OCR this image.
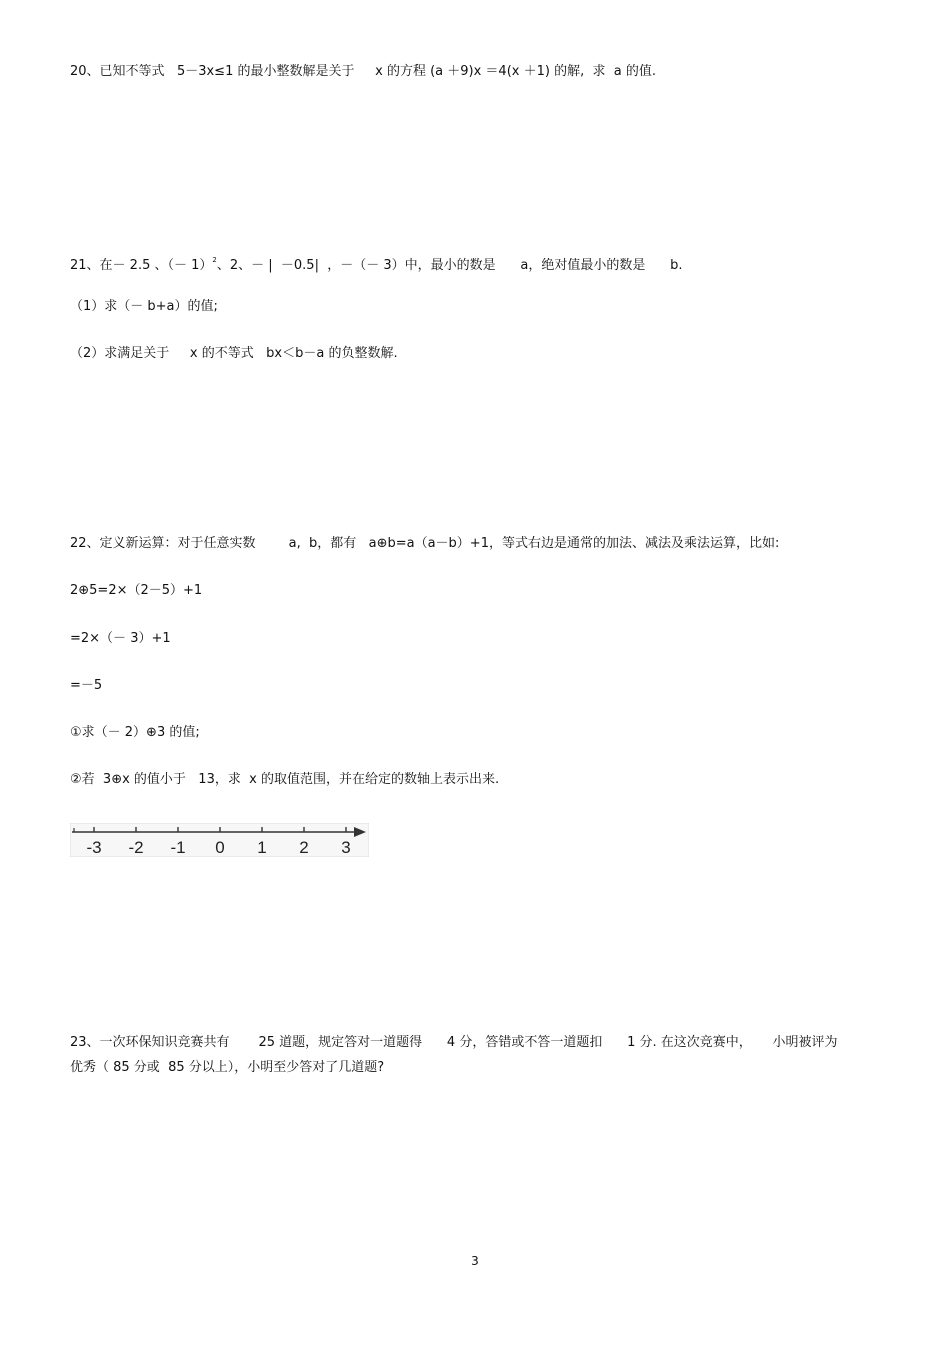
20、已知不等式   5－3x≤1 的最小整数解是关于     x 的方程 (a ＋9)x ＝4(x ＋1) 的解,  求  a 的值.
21、在－ 2.5 、（－ 1）$^2$、2、－ |  －0.5|  ，－（－ 3）中，最小的数是      a，绝对值最小的数是      b.
（1）求（－ b+a）的值;
（2）求满足关于     x 的不等式   bx＜b－a 的负整数解.
22、定义新运算：对于任意实数        a,  b，都有   a⊕b=a（a－b）+1，等式右边是通常的加法、减法及乘法运算，比如:
2⊕5=2×（2－5）+1
=2×（－ 3）+1
=－5
①求（－ 2）⊕3 的值;
②若  3⊕x 的值小于   13，求  x 的取值范围，并在给定的数轴上表示出来.
-3 -2 -1 0 1 2 3
23、一次环保知识竞赛共有       25 道题，规定答对一道题得      4 分，答错或不答一道题扣      1 分. 在这次竞赛中，     小明被评为
优秀（ 85 分或  85 分以上），小明至少答对了几道题?
3
